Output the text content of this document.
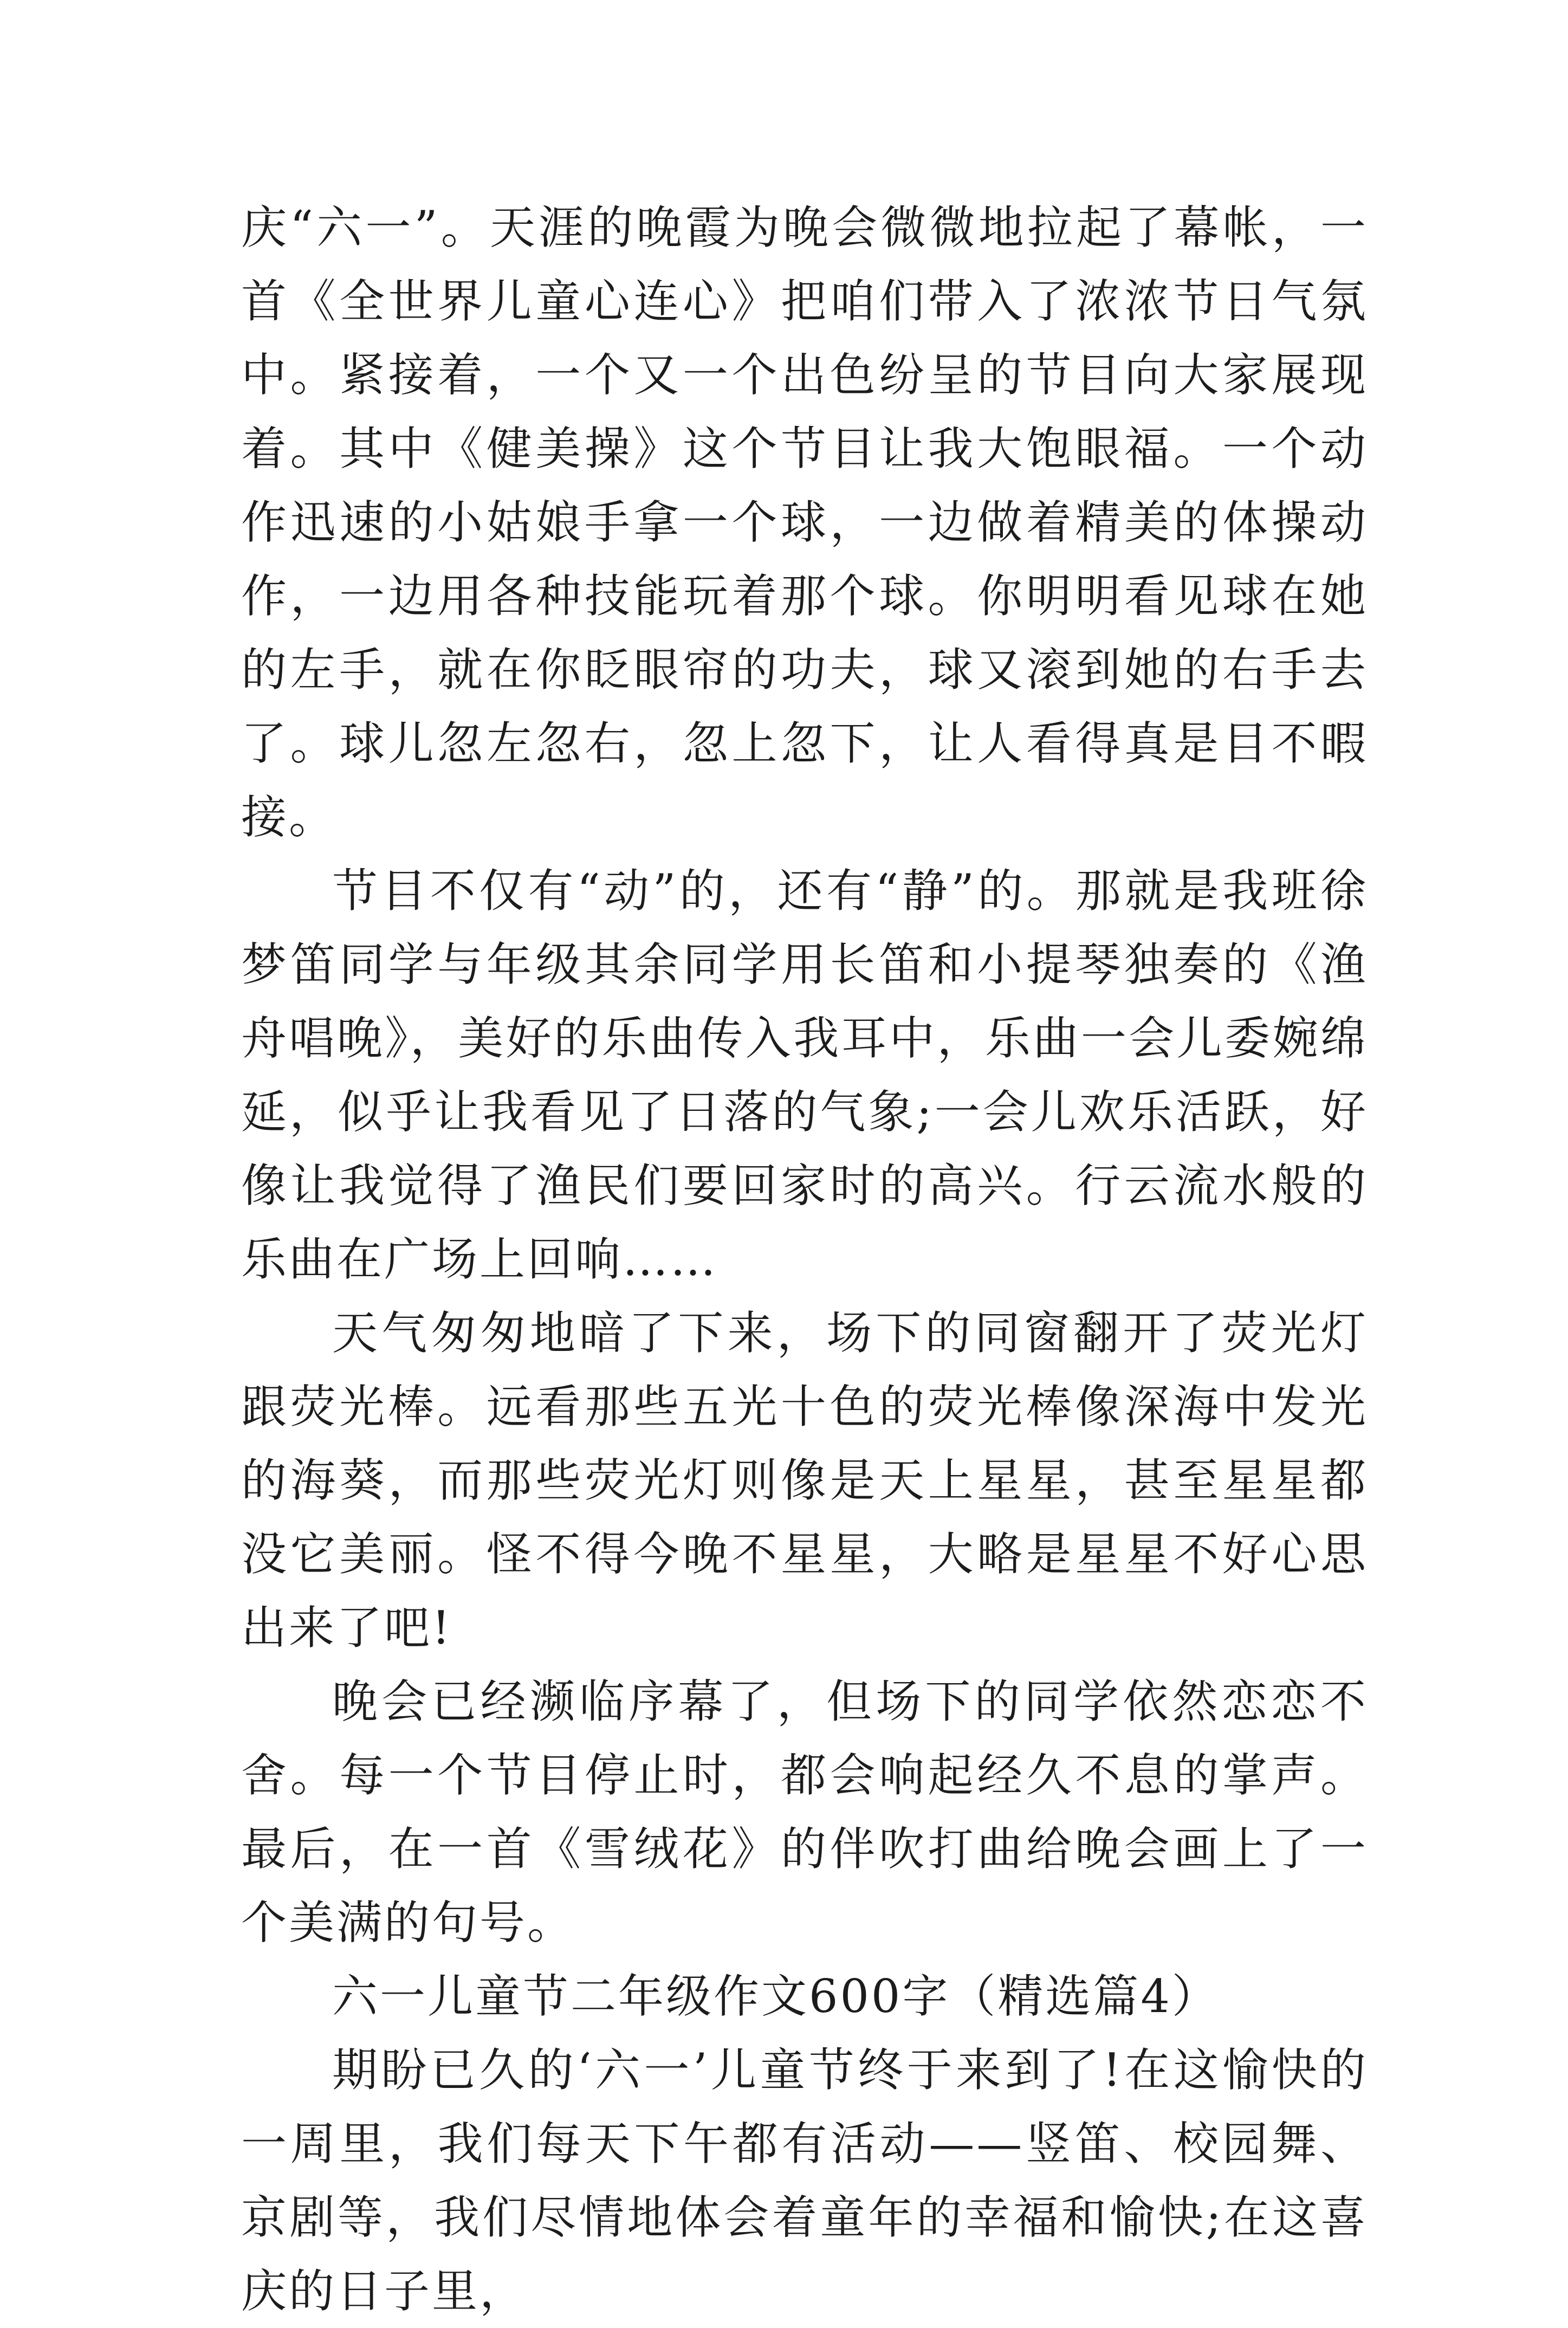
庆“六一”。天涯的晚霞为晚会微微地拉起了幕帐，一首《全世界儿童心连心》把咱们带入了浓浓节日气氛中。紧接着，一个又一个出色纷呈的节目向大家展现着。其中《健美操》这个节目让我大饱眼福。一个动作迅速的小姑娘手拿一个球，一边做着精美的体操动作，一边用各种技能玩着那个球。你明明看见球在她的左手，就在你眨眼帘的功夫，球又滚到她的右手去了。球儿忽左忽右，忽上忽下，让人看得真是目不暇接。

节目不仅有“动”的，还有“静”的。那就是我班徐梦笛同学与年级其余同学用长笛和小提琴独奏的《渔舟唱晚》，美好的乐曲传入我耳中，乐曲一会儿委婉绵延，似乎让我看见了日落的气象;一会儿欢乐活跃，好像让我觉得了渔民们要回家时的高兴。行云流水般的乐曲在广场上回响……

天气匆匆地暗了下来，场下的同窗翻开了荧光灯跟荧光棒。远看那些五光十色的荧光棒像深海中发光的海葵，而那些荧光灯则像是天上星星，甚至星星都没它美丽。怪不得今晚不星星，大略是星星不好心思出来了吧!

晚会已经濒临序幕了，但场下的同学依然恋恋不舍。每一个节目停止时，都会响起经久不息的掌声。最后，在一首《雪绒花》的伴吹打曲给晚会画上了一个美满的句号。

六一儿童节二年级作文600字（精选篇4）

期盼已久的‘六一’儿童节终于来到了!在这愉快的一周里，我们每天下午都有活动——竖笛、校园舞、京剧等，我们尽情地体会着童年的幸福和愉快;在这喜庆的日子里，
